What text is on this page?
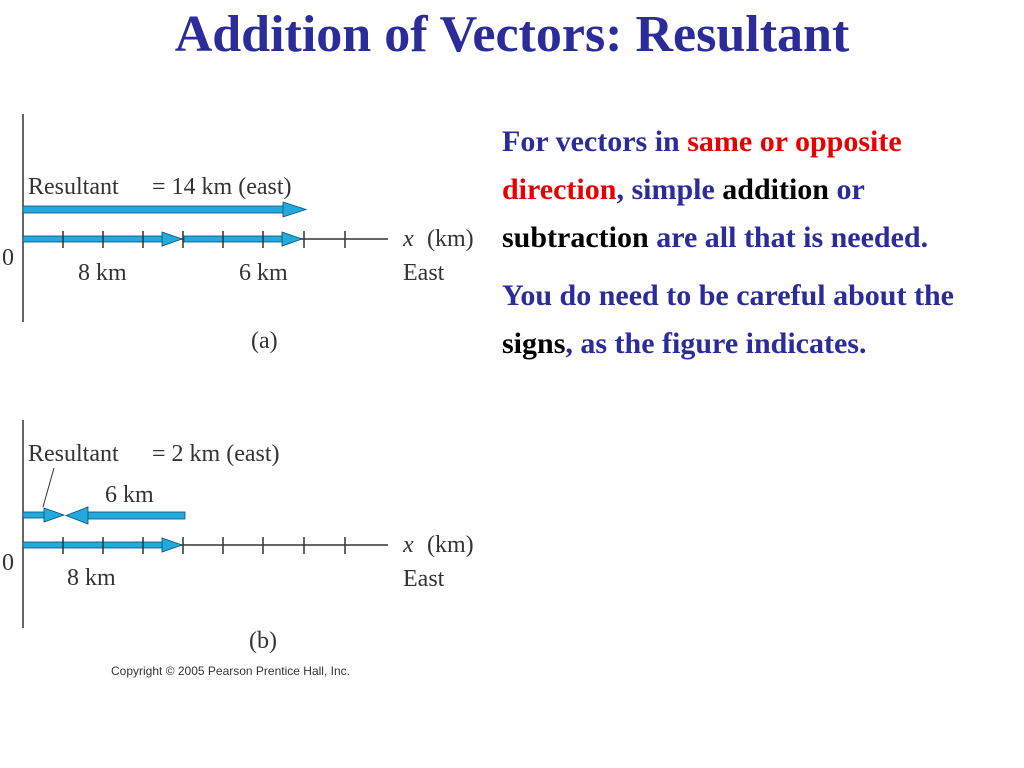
Addition of Vectors: Resultant
Resultant = 14 km (east)
0
8 km	6 km
x (km)
East
(a)
Resultant = 2 km (east)
6 km
0
8 km
x (km)
East
(b)
Copyright © 2005 Pearson Prentice Hall, Inc.

For vectors in same or opposite direction, simple addition or subtraction are all that is needed.

You do need to be careful about the signs, as the figure indicates.
